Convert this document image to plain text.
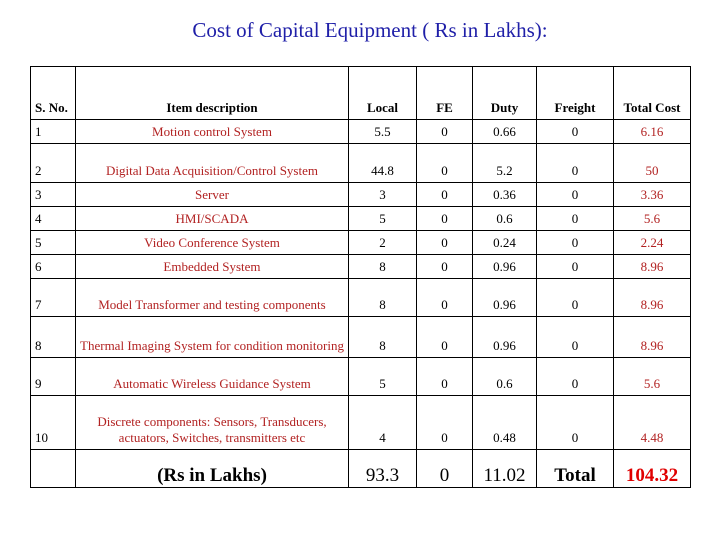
Cost of Capital Equipment ( Rs in Lakhs):
S. No.	Item description	Local	FE	Duty	Freight	Total Cost
1	Motion control System	5.5	0	0.66	0	6.16
2	Digital Data Acquisition/Control System	44.8	0	5.2	0	50
3	Server	3	0	0.36	0	3.36
4	HMI/SCADA	5	0	0.6	0	5.6
5	Video Conference System	2	0	0.24	0	2.24
6	Embedded System	8	0	0.96	0	8.96
7	Model Transformer and testing components	8	0	0.96	0	8.96
8	Thermal Imaging System for condition monitoring	8	0	0.96	0	8.96
9	Automatic Wireless Guidance System	5	0	0.6	0	5.6
10	Discrete components: Sensors, Transducers, actuators, Switches, transmitters etc	4	0	0.48	0	4.48
	(Rs in Lakhs)	93.3	0	11.02	Total	104.32
